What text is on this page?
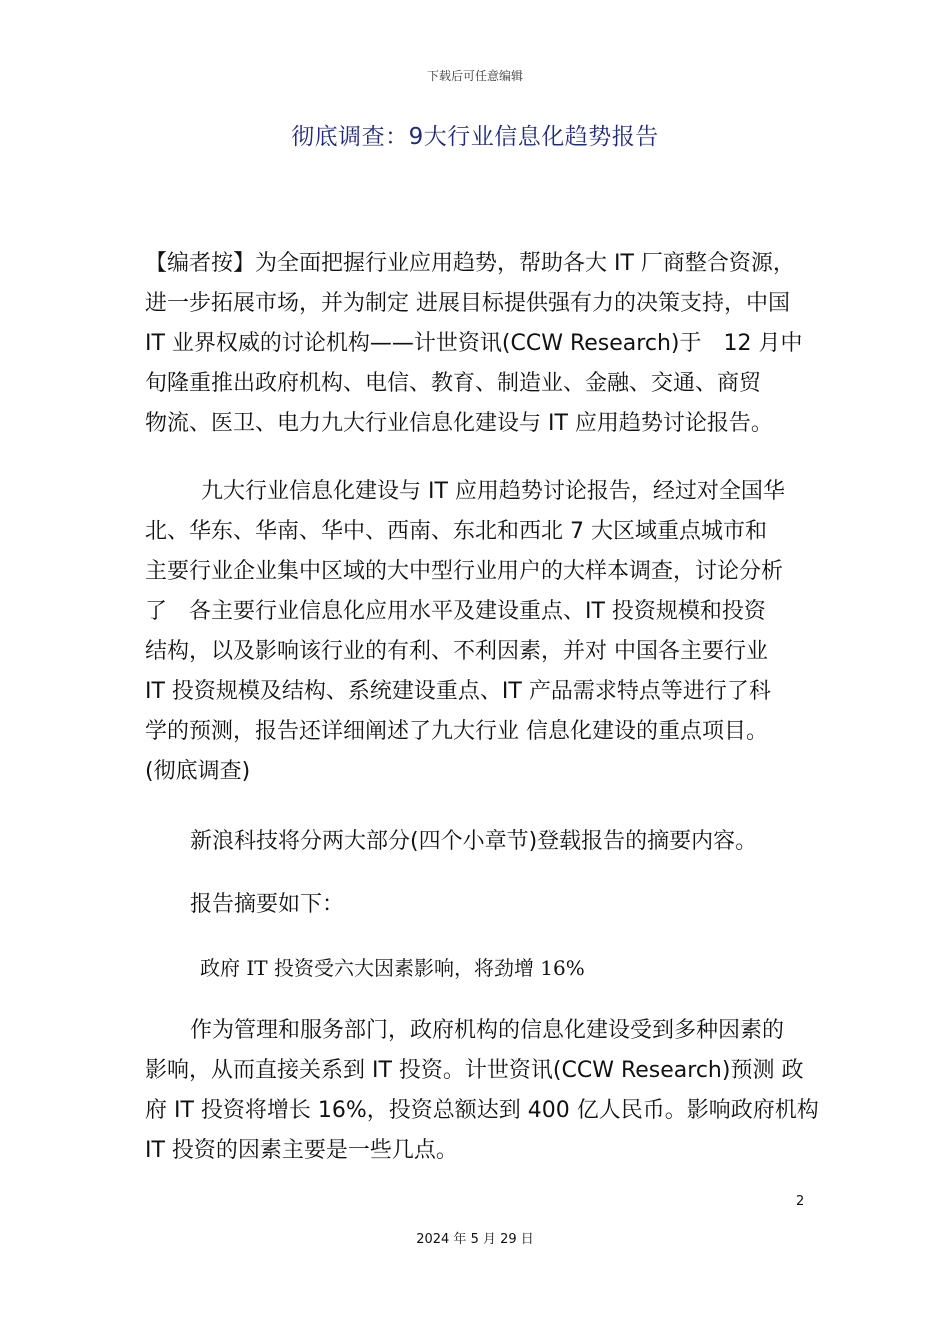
下载后可任意编辑
彻底调查：9大行业信息化趋势报告
【编者按】为全面把握行业应用趋势，帮助各大 IT 厂商整合资源，
进一步拓展市场，并为制定 进展目标提供强有力的决策支持，中国
IT 业界权威的讨论机构——计世资讯(CCW Research)于　12 月中
旬隆重推出政府机构、电信、教育、制造业、金融、交通、商贸
物流、医卫、电力九大行业信息化建设与 IT 应用趋势讨论报告。
九大行业信息化建设与 IT 应用趋势讨论报告，经过对全国华
北、华东、华南、华中、西南、东北和西北 7 大区域重点城市和
主要行业企业集中区域的大中型行业用户的大样本调查，讨论分析
了　各主要行业信息化应用水平及建设重点、IT 投资规模和投资
结构，以及影响该行业的有利、不利因素，并对 中国各主要行业
IT 投资规模及结构、系统建设重点、IT 产品需求特点等进行了科
学的预测，报告还详细阐述了九大行业 信息化建设的重点项目。
(彻底调查)
新浪科技将分两大部分(四个小章节)登载报告的摘要内容。
报告摘要如下：
政府 IT 投资受六大因素影响，将劲增 16%
作为管理和服务部门，政府机构的信息化建设受到多种因素的
影响，从而直接关系到 IT 投资。计世资讯(CCW Research)预测 政
府 IT 投资将增长 16%，投资总额达到 400 亿人民币。影响政府机构
IT 投资的因素主要是一些几点。
2
2024 年 5 月 29 日
